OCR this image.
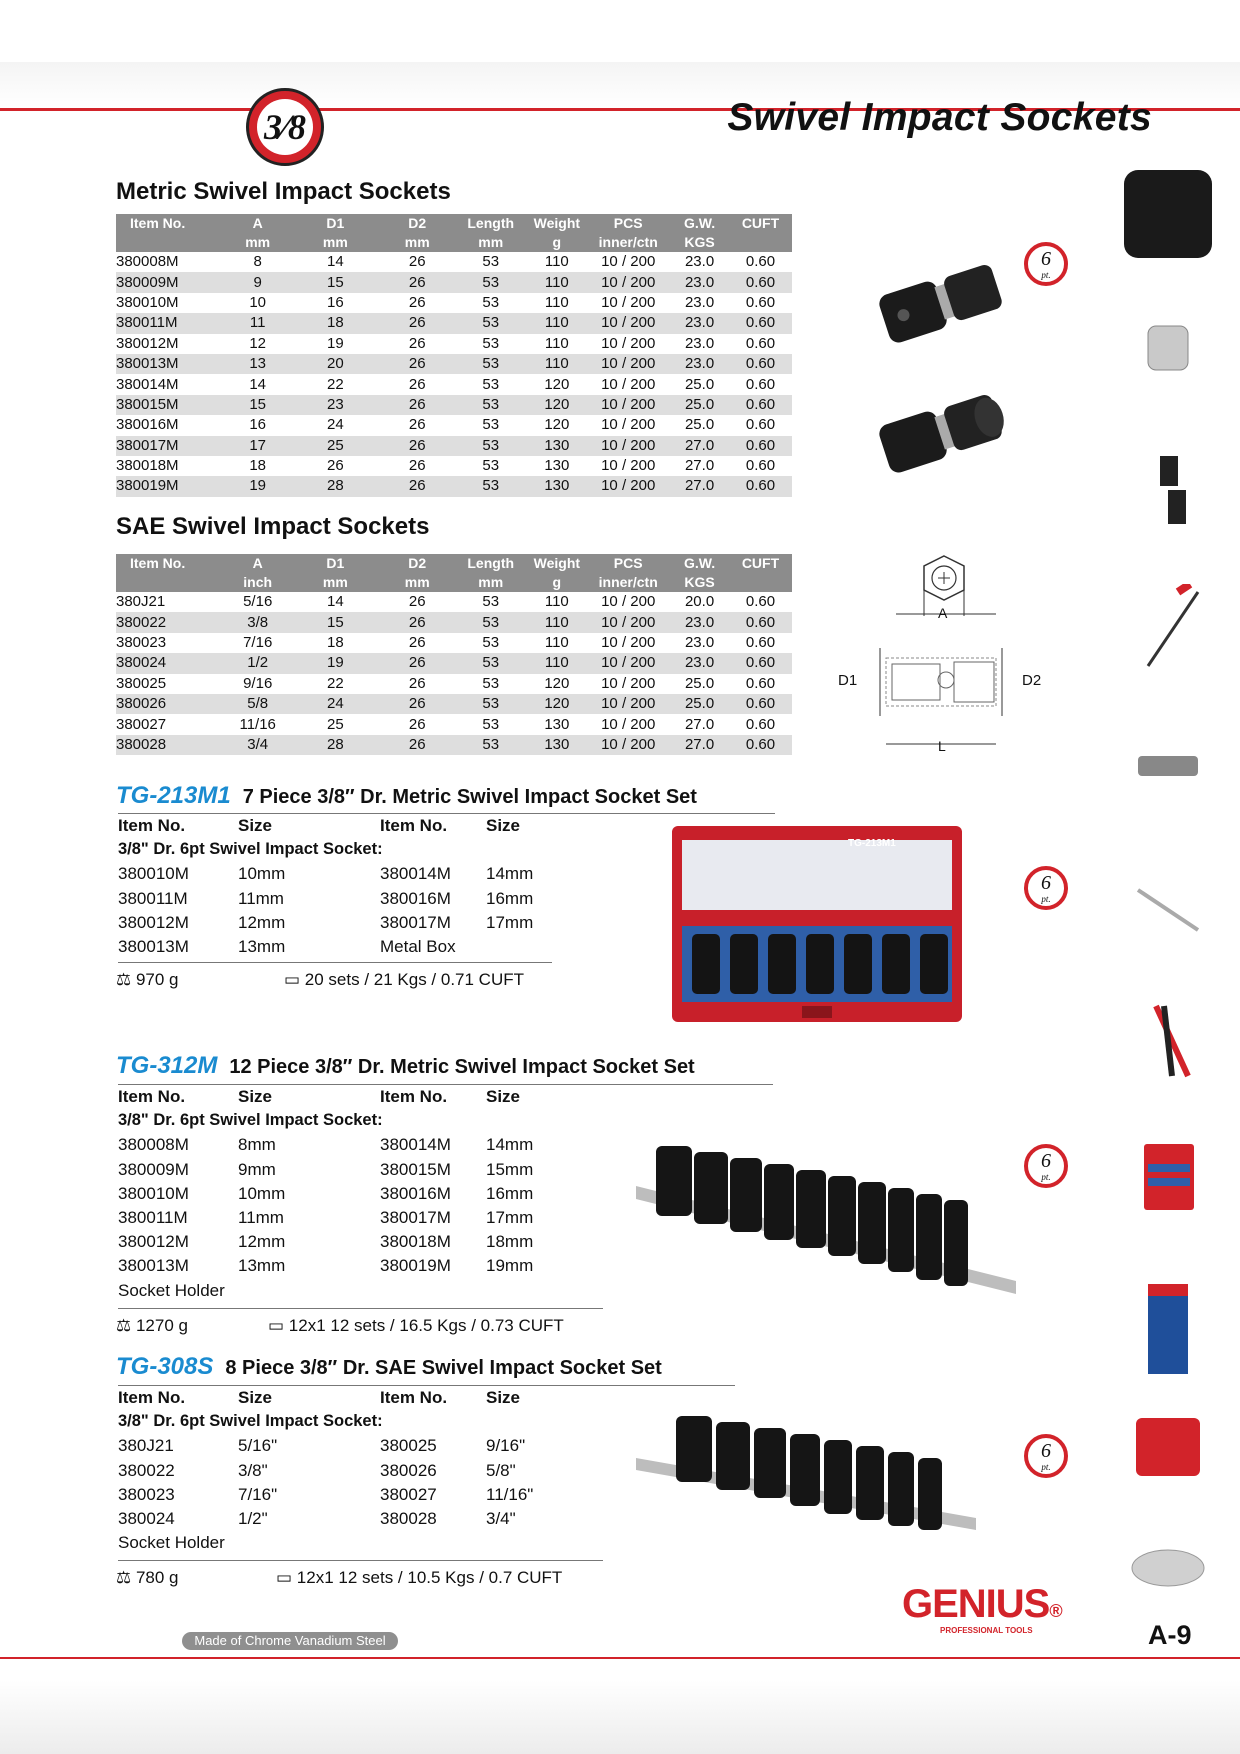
3⁄8	Swivel Impact Sockets
Metric Swivel Impact Sockets
Item No.	A	D1	D2	Length	Weight	PCS	G.W.	CUFT
	mm	mm	mm	mm	g	inner/ctn	KGS	
380008M	8	14	26	53	110	10 / 200	23.0	0.60
380009M	9	15	26	53	110	10 / 200	23.0	0.60
380010M	10	16	26	53	110	10 / 200	23.0	0.60
380011M	11	18	26	53	110	10 / 200	23.0	0.60
380012M	12	19	26	53	110	10 / 200	23.0	0.60
380013M	13	20	26	53	110	10 / 200	23.0	0.60
380014M	14	22	26	53	120	10 / 200	25.0	0.60
380015M	15	23	26	53	120	10 / 200	25.0	0.60
380016M	16	24	26	53	120	10 / 200	25.0	0.60
380017M	17	25	26	53	130	10 / 200	27.0	0.60
380018M	18	26	26	53	130	10 / 200	27.0	0.60
380019M	19	28	26	53	130	10 / 200	27.0	0.60
SAE Swivel Impact Sockets
Item No.	A	D1	D2	Length	Weight	PCS	G.W.	CUFT
	inch	mm	mm	mm	g	inner/ctn	KGS	
380J21	5/16	14	26	53	110	10 / 200	20.0	0.60
380022	3/8	15	26	53	110	10 / 200	23.0	0.60
380023	7/16	18	26	53	110	10 / 200	23.0	0.60
380024	1/2	19	26	53	110	10 / 200	23.0	0.60
380025	9/16	22	26	53	120	10 / 200	25.0	0.60
380026	5/8	24	26	53	120	10 / 200	25.0	0.60
380027	11/16	25	26	53	130	10 / 200	27.0	0.60
380028	3/4	28	26	53	130	10 / 200	27.0	0.60
6
pt.
A
D1	D2
L
TG-213M1 7 Piece 3/8″ Dr. Metric Swivel Impact Socket Set
Item No.	Size	Item No. Size
3/8" Dr. 6pt Swivel Impact Socket:
380010M	10mm	380014M 14mm
380011M	11mm	380016M 16mm
380012M	12mm	380017M 17mm
380013M	13mm	Metal Box
⚖ 970 g	▭ 20 sets / 21 Kgs / 0.71 CUFT
TG-213M1
6
pt.
TG-312M 12 Piece 3/8″ Dr. Metric Swivel Impact Socket Set
Item No.	Size	Item No. Size
3/8" Dr. 6pt Swivel Impact Socket:
380008M	8mm	380014M 14mm
380009M	9mm	380015M 15mm
380010M	10mm	380016M 16mm
380011M	11mm	380017M 17mm
380012M	12mm	380018M 18mm
380013M	13mm	380019M 19mm
Socket Holder
⚖ 1270 g	▭ 12x1 12 sets / 16.5 Kgs / 0.73 CUFT
6
pt.
TG-308S 8 Piece 3/8″ Dr. SAE Swivel Impact Socket Set
Item No.	Size	Item No. Size
3/8" Dr. 6pt Swivel Impact Socket:
380J21	5/16"	380025	9/16"
380022	3/8"	380026	5/8"
380023	7/16"	380027	11/16"
380024	1/2"	380028	3/4"
Socket Holder
⚖ 780 g	▭ 12x1 12 sets / 10.5 Kgs / 0.7 CUFT
6
pt.
Made of Chrome Vanadium Steel
GENIUS®
PROFESSIONAL TOOLS	A-9
